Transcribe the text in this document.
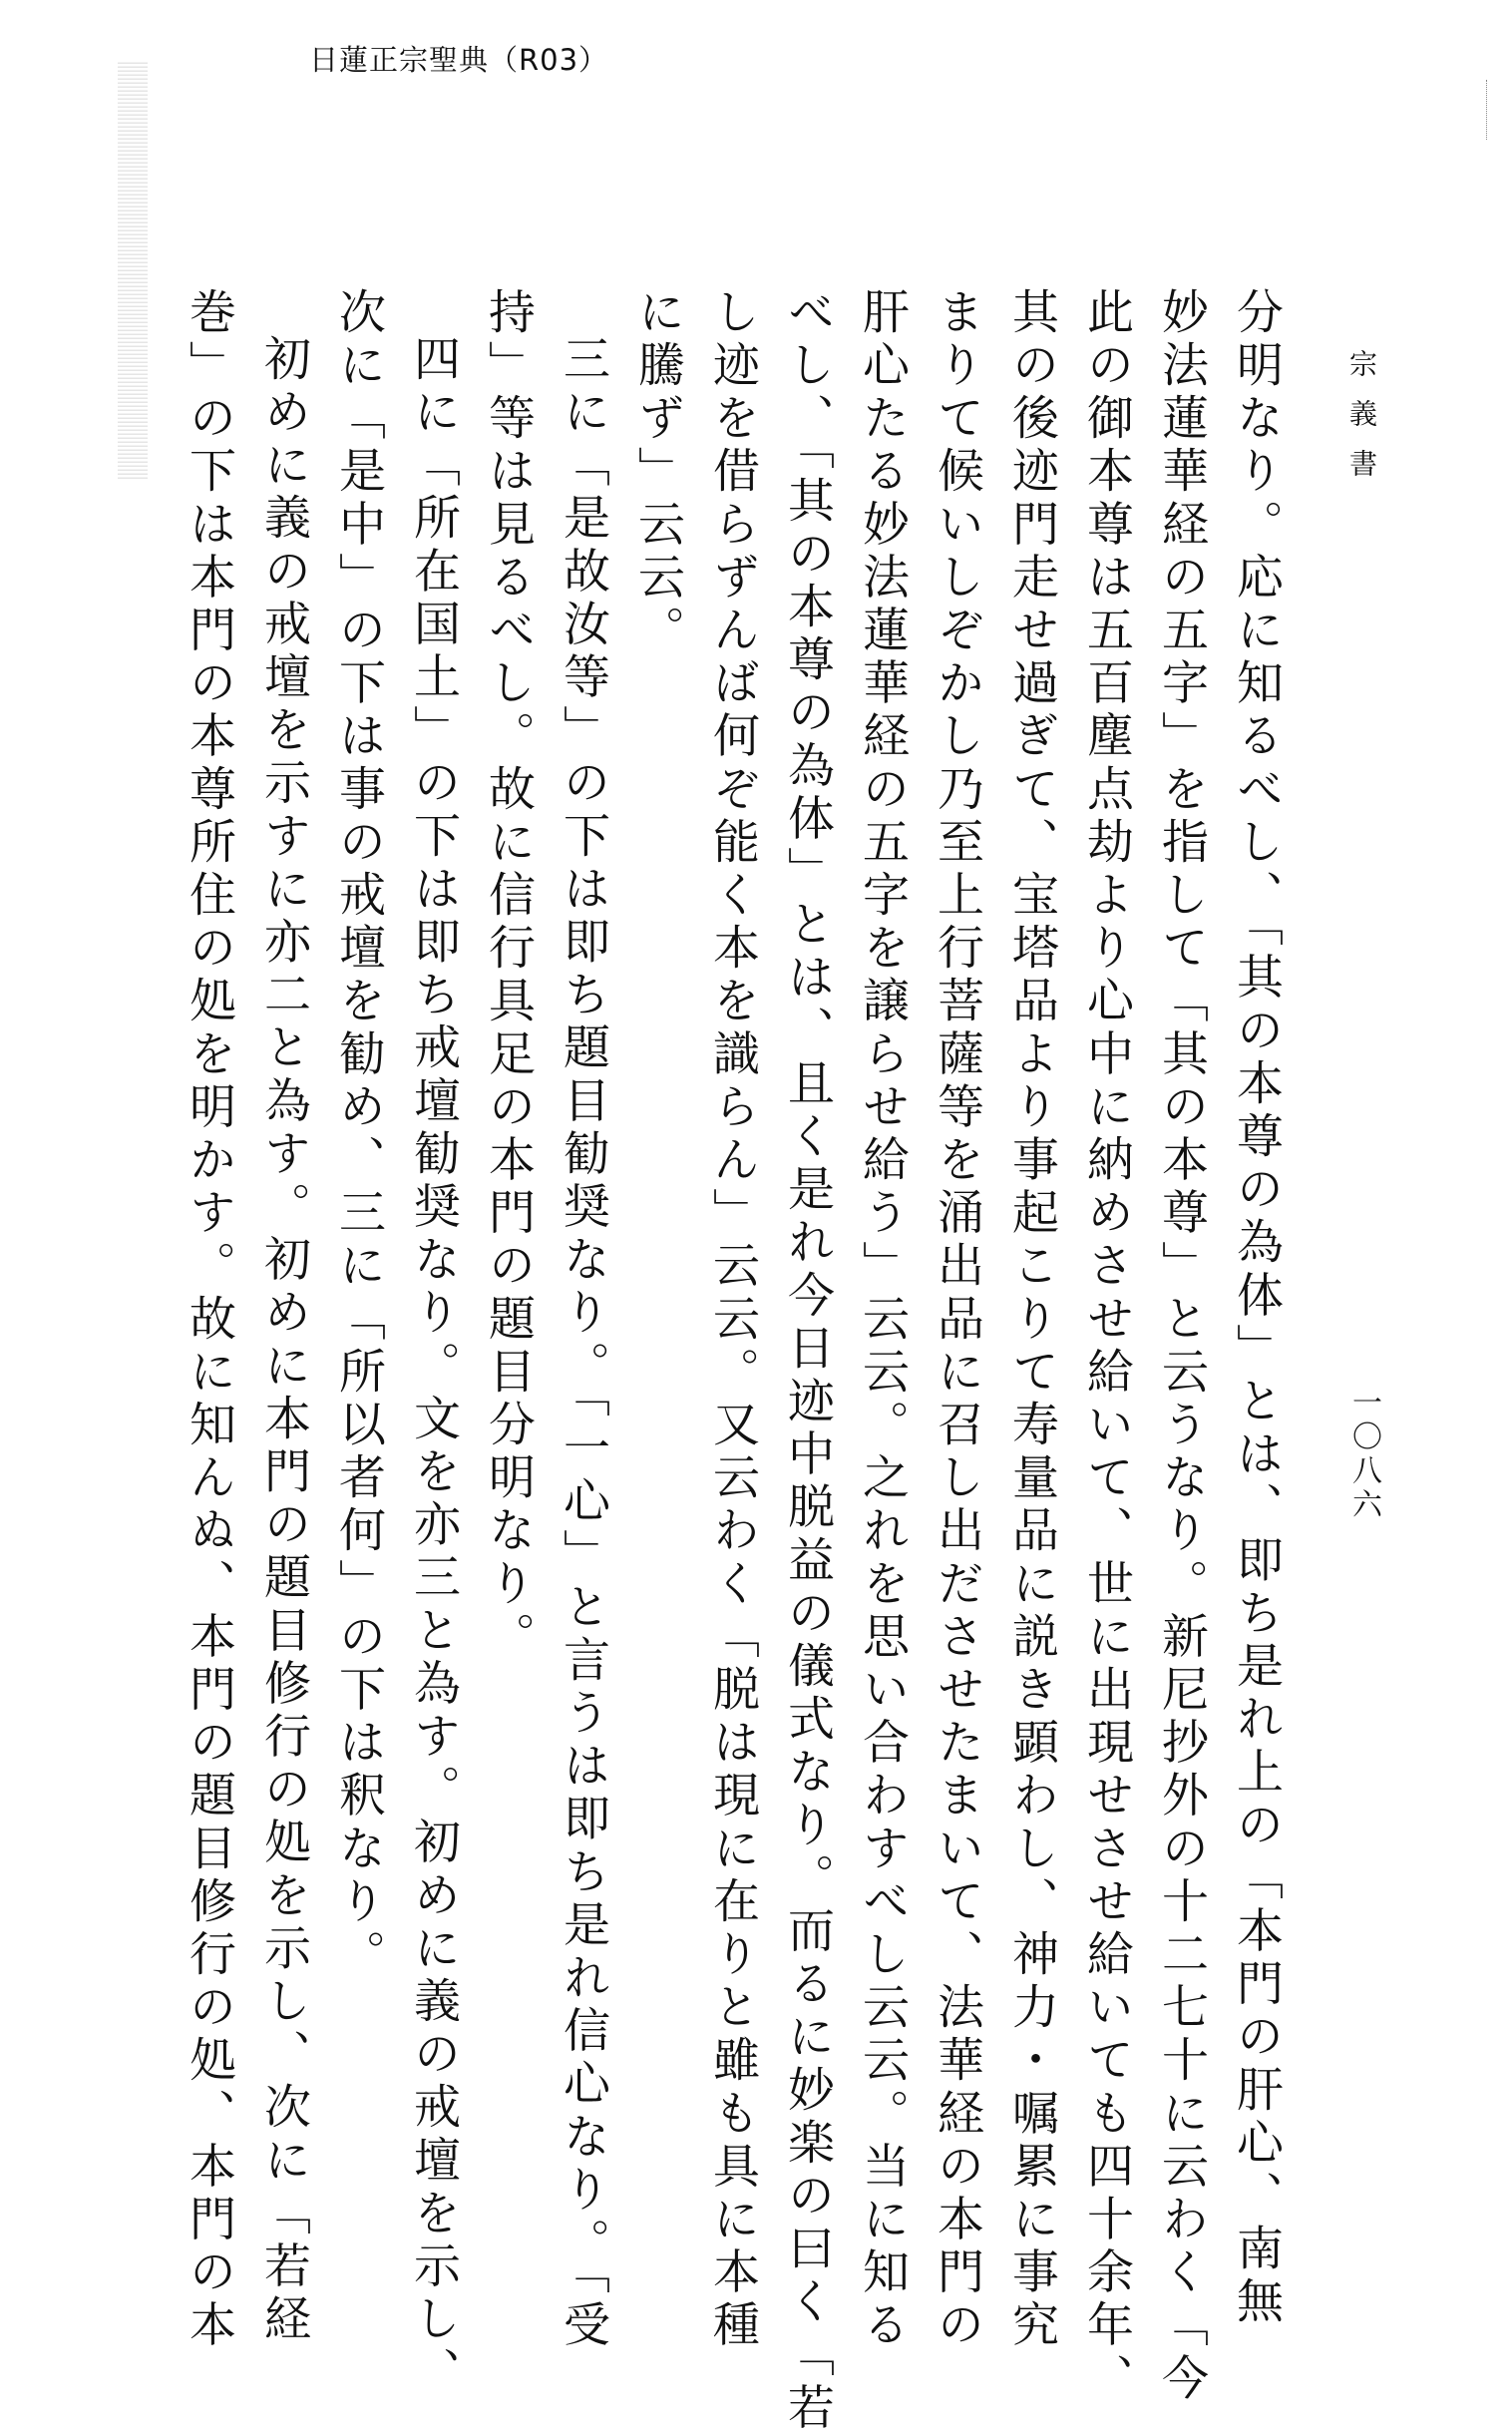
日蓮正宗聖典（R03）
宗義書
一〇八六
分明なり。応に知るべし、「其の本尊の為体」とは、即ち是れ上の「本門の肝心、南無
妙法蓮華経の五字」を指して「其の本尊」と云うなり。新尼抄外の十二七十に云わく「今
此の御本尊は五百塵点劫より心中に納めさせ給いて、世に出現せさせ給いても四十余年、
其の後迹門走せ過ぎて、宝塔品より事起こりて寿量品に説き顕わし、神力・嘱累に事究
まりて候いしぞかし乃至上行菩薩等を涌出品に召し出ださせたまいて、法華経の本門の
肝心たる妙法蓮華経の五字を譲らせ給う」云云。之れを思い合わすべし云云。当に知る
べし、「其の本尊の為体」とは、且く是れ今日迹中脱益の儀式なり。而るに妙楽の曰く「若
し迹を借らずんば何ぞ能く本を識らん」云云。又云わく「脱は現に在りと雖も具に本種
に騰ず」云云。
三に「是故汝等」の下は即ち題目勧奨なり。「一心」と言うは即ち是れ信心なり。「受
持」等は見るべし。故に信行具足の本門の題目分明なり。
四に「所在国土」の下は即ち戒壇勧奨なり。文を亦三と為す。初めに義の戒壇を示し、
次に「是中」の下は事の戒壇を勧め、三に「所以者何」の下は釈なり。
初めに義の戒壇を示すに亦二と為す。初めに本門の題目修行の処を示し、次に「若経
巻」の下は本門の本尊所住の処を明かす。故に知んぬ、本門の題目修行の処、本門の本
